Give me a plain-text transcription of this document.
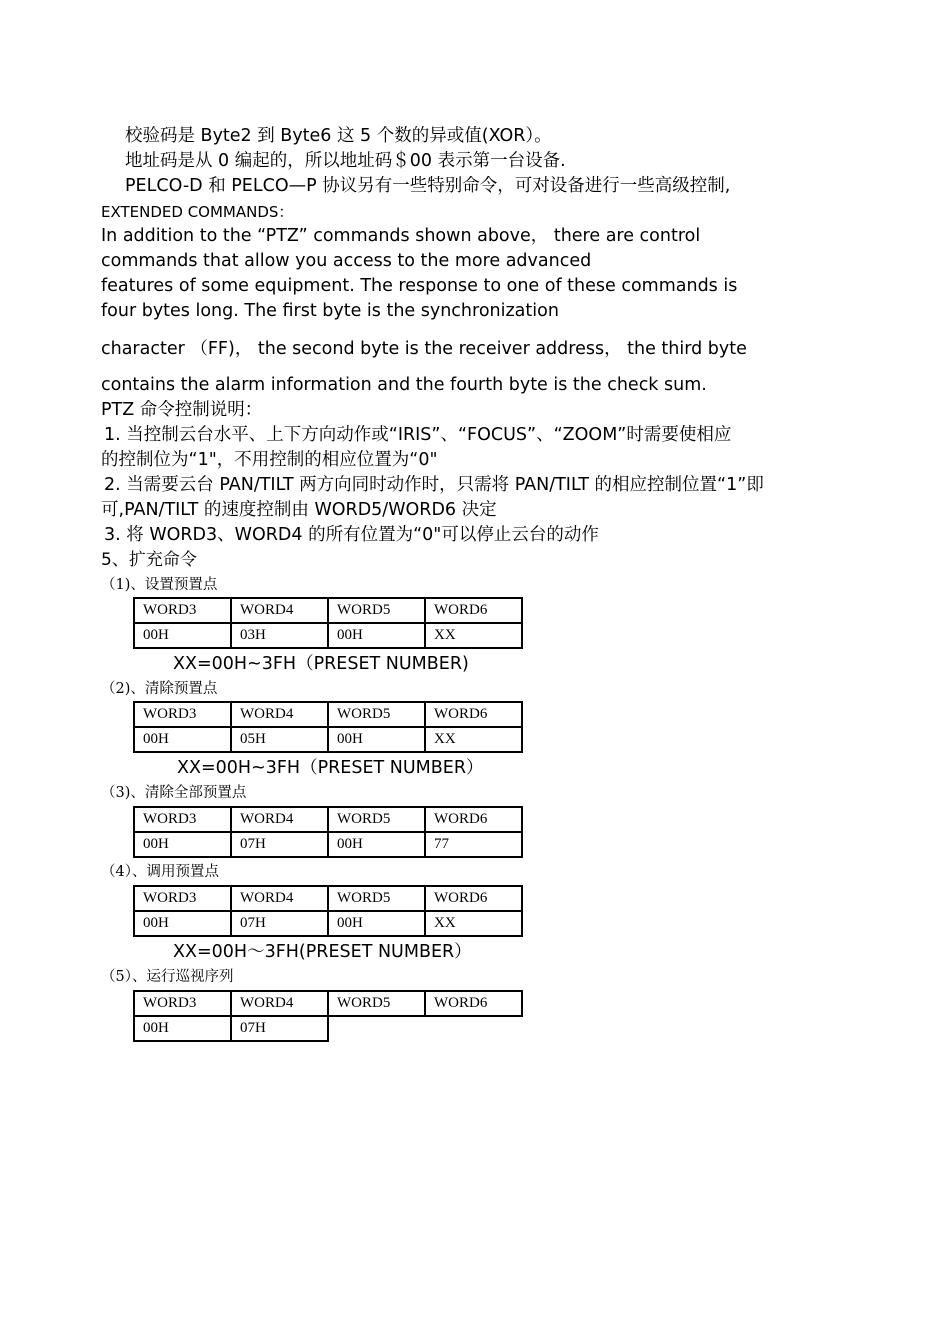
校验码是 Byte2 到 Byte6 这 5 个数的异或值(XOR）。
地址码是从 0 编起的，所以地址码＄00 表示第一台设备.
PELCO-D 和 PELCO—P 协议另有一些特别命令，可对设备进行一些高级控制,
EXTENDED COMMANDS：
In addition to the “PTZ” commands shown above， there are control
commands that allow you access to the more advanced
features of some equipment. The response to one of these commands is
four bytes long. The first byte is the synchronization
character （FF)， the second byte is the receiver address， the third byte
contains the alarm information and the fourth byte is the check sum.
PTZ 命令控制说明：
1. 当控制云台水平、上下方向动作或“IRIS”、“FOCUS”、“ZOOM”时需要使相应
的控制位为“1"，不用控制的相应位置为“0"
2. 当需要云台 PAN/TILT 两方向同时动作时，只需将 PAN/TILT 的相应控制位置“1”即
可,PAN/TILT 的速度控制由 WORD5/WORD6 决定
3. 将 WORD3、WORD4 的所有位置为“0"可以停止云台的动作
5、扩充命令
（1)、设置预置点
WORD3	WORD4	WORD5	WORD6
00H	03H	00H	XX
XX=00H~3FH（PRESET NUMBER)
（2)、清除预置点
WORD3	WORD4	WORD5	WORD6
00H	05H	00H	XX
XX=00H~3FH（PRESET NUMBER）
（3)、清除全部预置点
WORD3	WORD4	WORD5	WORD6
00H	07H	00H	77
（4）、调用预置点
WORD3	WORD4	WORD5	WORD6
00H	07H	00H	XX
XX=00H～3FH(PRESET NUMBER）
（5）、运行巡视序列
WORD3	WORD4	WORD5	WORD6
00H	07H		
